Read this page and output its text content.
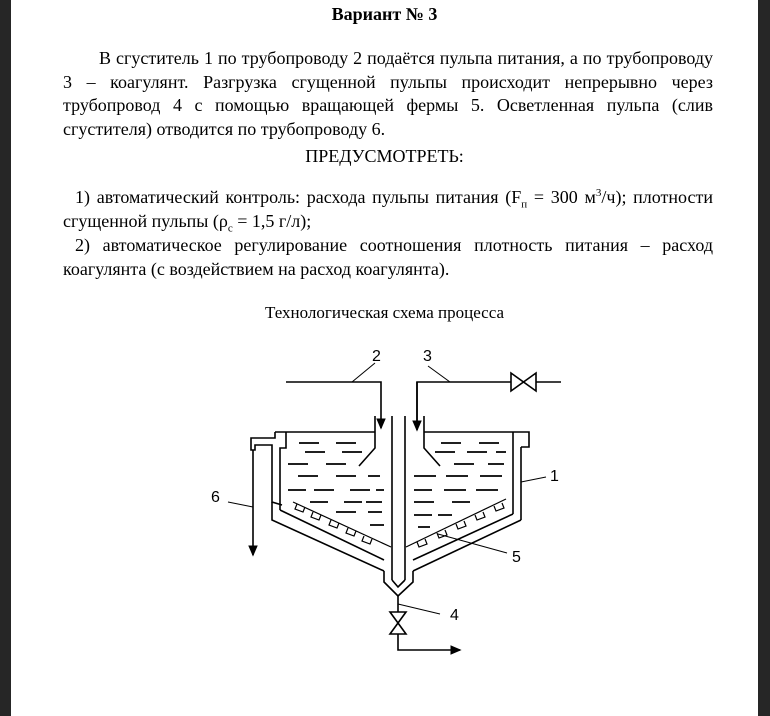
Вариант № 3
В сгуститель 1 по трубопроводу 2 подаётся пульпа питания, а по трубопроводу 3 – коагулянт. Разгрузка сгущенной пульпы происходит непрерывно через трубопровод 4 с помощью вращающей фермы 5. Осветленная пульпа (слив сгустителя) отводится по трубопроводу 6.
ПРЕДУСМОТРЕТЬ:
1) автоматический контроль: расхода пульпы питания ($F_п = 300$ $м^3/ч$); плотности сгущенной пульпы ($\rho_с = 1,5$ г/л);
2) автоматическое регулирование соотношения плотность питания – расход коагулянта (с воздействием на расход коагулянта).
Технологическая схема процесса
2	3
5
1
6
4
